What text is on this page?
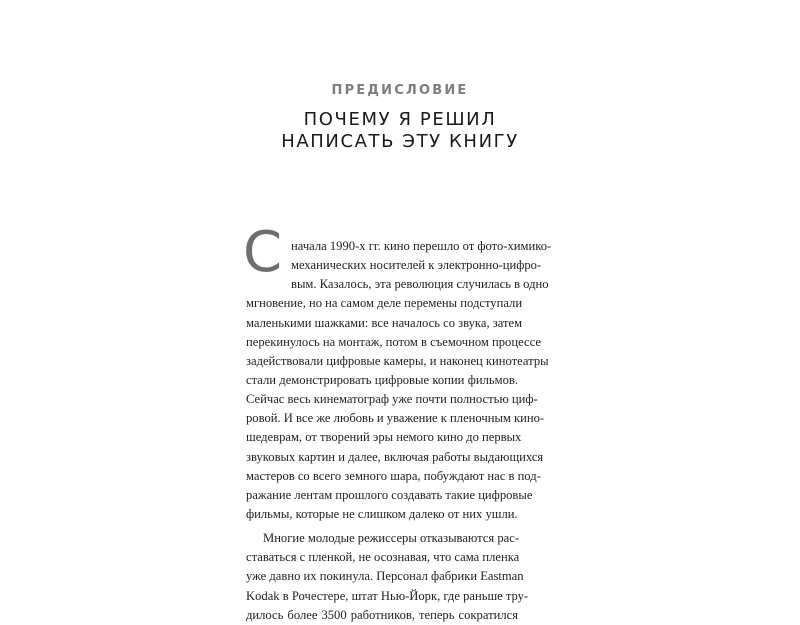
ПРЕДИСЛОВИЕ
ПОЧЕМУ Я РЕШИЛ
НАПИСАТЬ ЭТУ КНИГУ
С начала 1990-х гг. кино перешло от фото-химико-
механических носителей к электронно-цифро-
вым. Казалось, эта революция случилась в одно
мгновение, но на самом деле перемены подступали
маленькими шажками: все началось со звука, затем
перекинулось на монтаж, потом в съемочном процессе
задействовали цифровые камеры, и наконец кинотеатры
стали демонстрировать цифровые копии фильмов.
Сейчас весь кинематограф уже почти полностью циф-
ровой. И все же любовь и уважение к пленочным кино-
шедеврам, от творений эры немого кино до первых
звуковых картин и далее, включая работы выдающихся
мастеров со всего земного шара, побуждают нас в под-
ражание лентам прошлого создавать такие цифровые
фильмы, которые не слишком далеко от них ушли.
Многие молодые режиссеры отказываются рас-
ставаться с пленкой, не осознавая, что сама пленка
уже давно их покинула. Персонал фабрики Eastman
Kodak в Рочестере, штат Нью-Йорк, где раньше тру-
дилось более 3500 работников, теперь сократился
